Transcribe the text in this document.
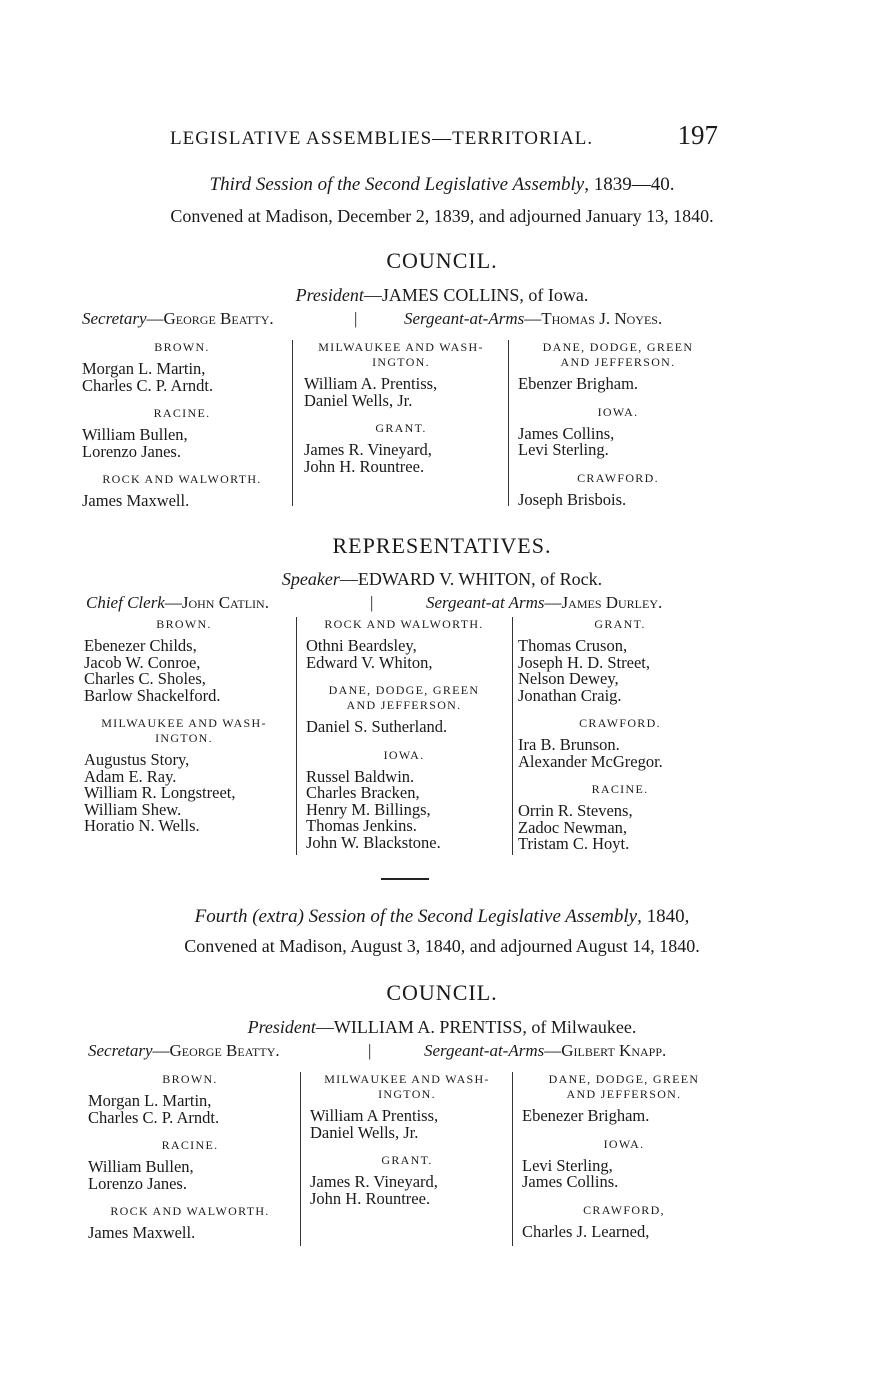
LEGISLATIVE ASSEMBLIES—TERRITORIAL.	197
Third Session of the Second Legislative Assembly, 1839—40.
Convened at Madison, December 2, 1839, and adjourned January 13, 1840.
COUNCIL.
President—JAMES COLLINS, of Iowa.
Secretary—George Beatty.	|	Sergeant-at-Arms—Thomas J. Noyes.
BROWN.
Morgan L. Martin,
Charles C. P. Arndt.
RACINE.
William Bullen,
Lorenzo Janes.
ROCK AND WALWORTH.
James Maxwell.
MILWAUKEE AND WASH-
INGTON.
William A. Prentiss,
Daniel Wells, Jr.
GRANT.
James R. Vineyard,
John H. Rountree.
DANE, DODGE, GREEN
AND JEFFERSON.
Ebenzer Brigham.
IOWA.
James Collins,
Levi Sterling.
CRAWFORD.
Joseph Brisbois.
REPRESENTATIVES.
Speaker—EDWARD V. WHITON, of Rock.
Chief Clerk—John Catlin.	|	Sergeant-at Arms—James Durley.
BROWN.
Ebenezer Childs,
Jacob W. Conroe,
Charles C. Sholes,
Barlow Shackelford.
MILWAUKEE AND WASH-
INGTON.
Augustus Story,
Adam E. Ray.
William R. Longstreet,
William Shew.
Horatio N. Wells.
ROCK AND WALWORTH.
Othni Beardsley,
Edward V. Whiton,
DANE, DODGE, GREEN
AND JEFFERSON.
Daniel S. Sutherland.
IOWA.
Russel Baldwin.
Charles Bracken,
Henry M. Billings,
Thomas Jenkins.
John W. Blackstone.
GRANT.
Thomas Cruson,
Joseph H. D. Street,
Nelson Dewey,
Jonathan Craig.
CRAWFORD.
Ira B. Brunson.
Alexander McGregor.
RACINE.
Orrin R. Stevens,
Zadoc Newman,
Tristam C. Hoyt.
Fourth (extra) Session of the Second Legislative Assembly, 1840,
Convened at Madison, August 3, 1840, and adjourned August 14, 1840.
COUNCIL.
President—WILLIAM A. PRENTISS, of Milwaukee.
Secretary—George Beatty.	|	Sergeant-at-Arms—Gilbert Knapp.
BROWN.
Morgan L. Martin,
Charles C. P. Arndt.
RACINE.
William Bullen,
Lorenzo Janes.
ROCK AND WALWORTH.
James Maxwell.
MILWAUKEE AND WASH-
INGTON.
William A Prentiss,
Daniel Wells, Jr.
GRANT.
James R. Vineyard,
John H. Rountree.
DANE, DODGE, GREEN
AND JEFFERSON.
Ebenezer Brigham.
IOWA.
Levi Sterling,
James Collins.
CRAWFORD,
Charles J. Learned,
